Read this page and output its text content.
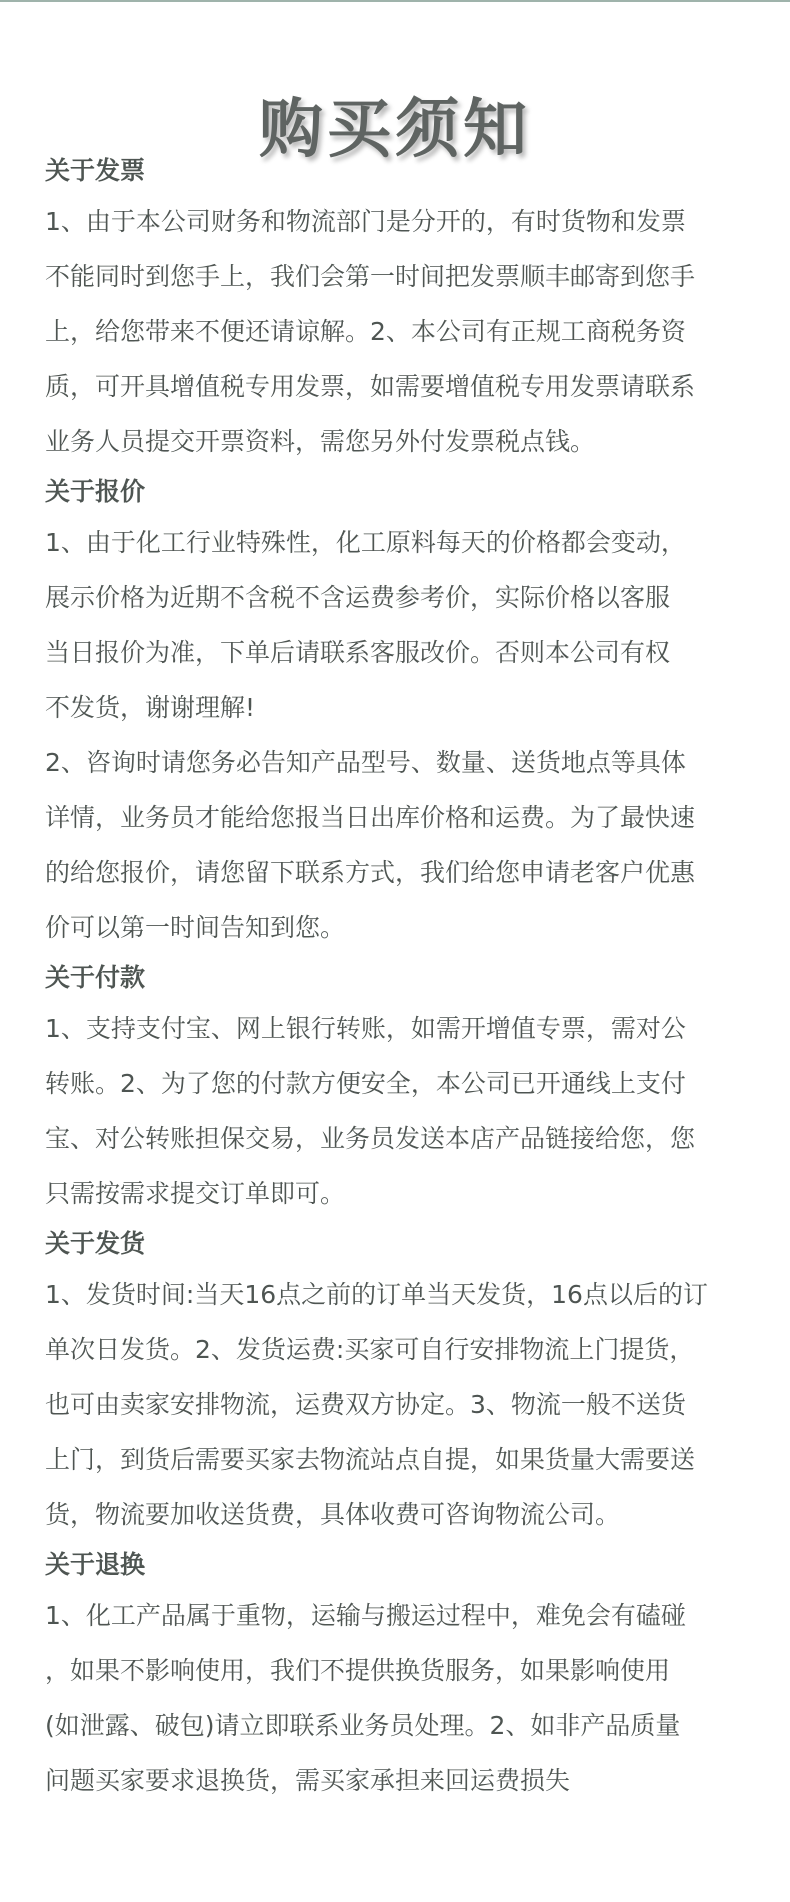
购买须知
关于发票
1、由于本公司财务和物流部门是分开的，有时货物和发票
不能同时到您手上，我们会第一时间把发票顺丰邮寄到您手
上，给您带来不便还请谅解。2、本公司有正规工商税务资
质，可开具增值税专用发票，如需要增值税专用发票请联系
业务人员提交开票资料，需您另外付发票税点钱。
关于报价
1、由于化工行业特殊性，化工原料每天的价格都会变动，
展示价格为近期不含税不含运费参考价，实际价格以客服
当日报价为准，下单后请联系客服改价。否则本公司有权
不发货，谢谢理解!
2、咨询时请您务必告知产品型号、数量、送货地点等具体
详情，业务员才能给您报当日出库价格和运费。为了最快速
的给您报价，请您留下联系方式，我们给您申请老客户优惠
价可以第一时间告知到您。
关于付款
1、支持支付宝、网上银行转账，如需开增值专票，需对公
转账。2、为了您的付款方便安全，本公司已开通线上支付
宝、对公转账担保交易，业务员发送本店产品链接给您，您
只需按需求提交订单即可。
关于发货
1、发货时间:当天16点之前的订单当天发货，16点以后的订
单次日发货。2、发货运费:买家可自行安排物流上门提货，
也可由卖家安排物流，运费双方协定。3、物流一般不送货
上门，到货后需要买家去物流站点自提，如果货量大需要送
货，物流要加收送货费，具体收费可咨询物流公司。
关于退换
1、化工产品属于重物，运输与搬运过程中，难免会有磕碰
，如果不影响使用，我们不提供换货服务，如果影响使用
(如泄露、破包)请立即联系业务员处理。2、如非产品质量
问题买家要求退换货，需买家承担来回运费损失
